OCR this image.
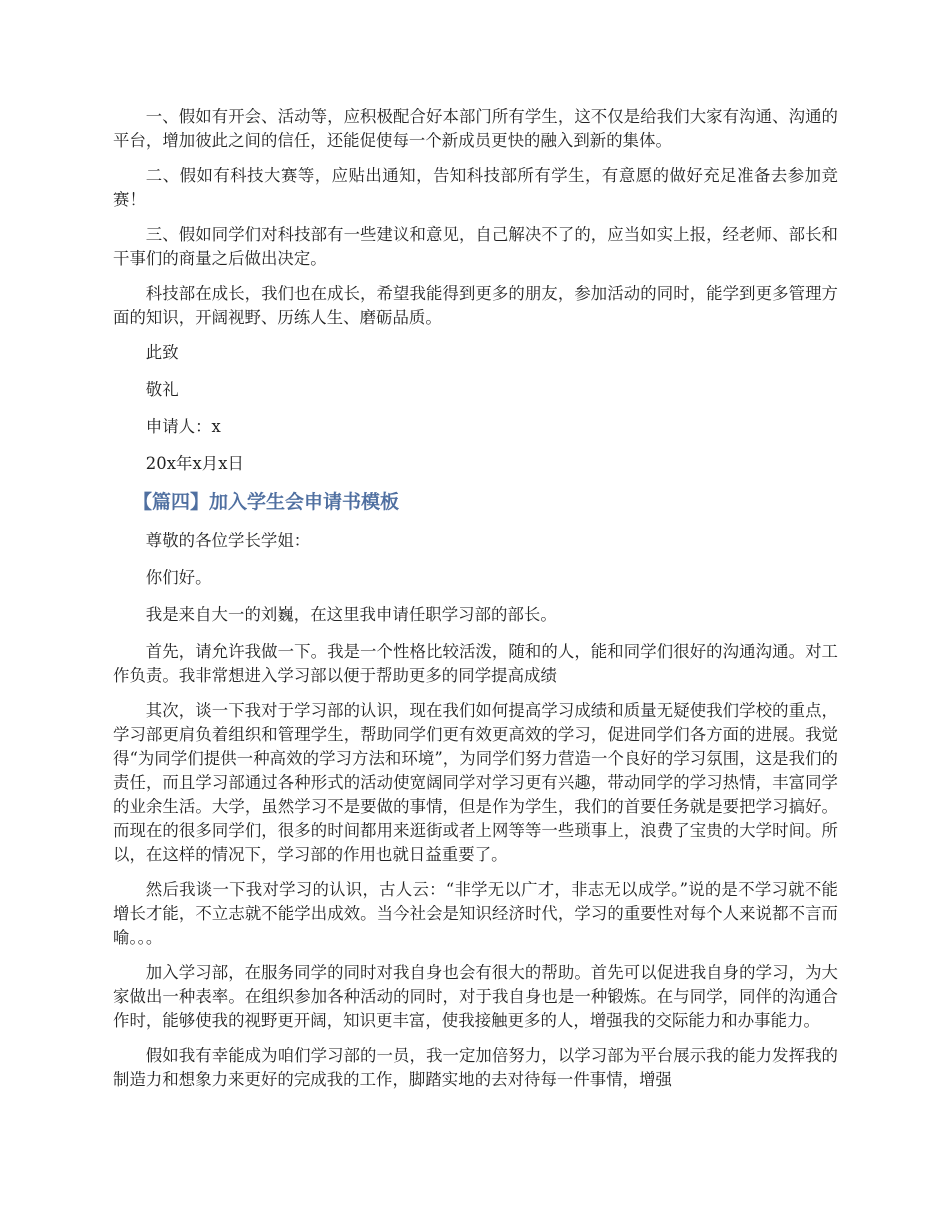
一、假如有开会、活动等，应积极配合好本部门所有学生，这不仅是给我们大家有沟通、沟通的平台，增加彼此之间的信任，还能促使每一个新成员更快的融入到新的集体。

二、假如有科技大赛等，应贴出通知，告知科技部所有学生，有意愿的做好充足准备去参加竞赛！

三、假如同学们对科技部有一些建议和意见，自己解决不了的，应当如实上报，经老师、部长和干事们的商量之后做出决定。

科技部在成长，我们也在成长，希望我能得到更多的朋友，参加活动的同时，能学到更多管理方面的知识，开阔视野、历练人生、磨砺品质。

此致

敬礼

申请人：x

20x年x月x日

【篇四】加入学生会申请书模板

尊敬的各位学长学姐：

你们好。

我是来自大一的刘巍，在这里我申请任职学习部的部长。

首先，请允许我做一下。我是一个性格比较活泼，随和的人，能和同学们很好的沟通沟通。对工作负责。我非常想进入学习部以便于帮助更多的同学提高成绩

其次，谈一下我对于学习部的认识，现在我们如何提高学习成绩和质量无疑使我们学校的重点，学习部更肩负着组织和管理学生，帮助同学们更有效更高效的学习，促进同学们各方面的进展。我觉得“为同学们提供一种高效的学习方法和环境”，为同学们努力营造一个良好的学习氛围，这是我们的责任，而且学习部通过各种形式的活动使宽阔同学对学习更有兴趣，带动同学的学习热情，丰富同学的业余生活。大学，虽然学习不是要做的事情，但是作为学生，我们的首要任务就是要把学习搞好。而现在的很多同学们，很多的时间都用来逛街或者上网等等一些琐事上，浪费了宝贵的大学时间。所以，在这样的情况下，学习部的作用也就日益重要了。

然后我谈一下我对学习的认识，古人云：“非学无以广才，非志无以成学。”说的是不学习就不能增长才能，不立志就不能学出成效。当今社会是知识经济时代，学习的重要性对每个人来说都不言而喻。。。

加入学习部，在服务同学的同时对我自身也会有很大的帮助。首先可以促进我自身的学习，为大家做出一种表率。在组织参加各种活动的同时，对于我自身也是一种锻炼。在与同学，同伴的沟通合作时，能够使我的视野更开阔，知识更丰富，使我接触更多的人，增强我的交际能力和办事能力。

假如我有幸能成为咱们学习部的一员，我一定加倍努力，以学习部为平台展示我的能力发挥我的制造力和想象力来更好的完成我的工作，脚踏实地的去对待每一件事情，增强
